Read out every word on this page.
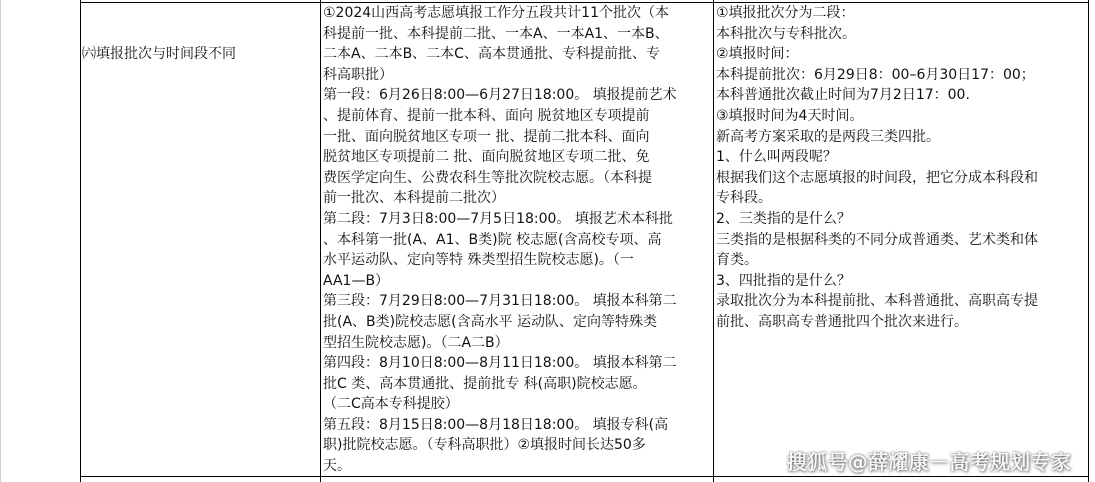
㈥填报批次与时间段不同

①2024山西高考志愿填报工作分五段共计11个批次（本
科提前一批、本科提前二批、一本A、一本A1、一本B、
二本A、二本B、二本C、高本贯通批、专科提前批、专
科高职批）
第一段：6月26日8:00—6月27日18:00。 填报提前艺术
、提前体育、提前一批本科、面向 脱贫地区专项提前
一批、面向脱贫地区专项一 批、提前二批本科、面向
脱贫地区专项提前二 批、面向脱贫地区专项二批、免
费医学定向生、公费农科生等批次院校志愿。（本科提
前一批次、本科提前二批次）
第二段：7月3日8:00—7月5日18:00。 填报艺术本科批
、本科第一批(A、A1、B类)院 校志愿(含高校专项、高
水平运动队、定向等特 殊类型招生院校志愿)。（一
AA1—B）
第三段：7月29日8:00—7月31日18:00。 填报本科第二
批(A、B类)院校志愿(含高水平 运动队、定向等特殊类
型招生院校志愿)。（二A二B）
第四段：8月10日8:00—8月11日18:00。 填报本科第二
批C 类、高本贯通批、提前批专 科(高职)院校志愿。
（二C高本专科提胶）
第五段：8月15日8:00—8月18日18:00。 填报专科(高
职)批院校志愿。（专科高职批）②填报时间长达50多
天。
①填报批次分为二段：
本科批次与专科批次。
②填报时间：
本科提前批次：6月29日8：00–6月30日17：00；
本科普通批次截止时间为7月2日17：00.
③填报时间为4天时间。
新高考方案采取的是两段三类四批。
1、什么叫两段呢？
根据我们这个志愿填报的时间段，把它分成本科段和
专科段。
2、三类指的是什么？
三类指的是根据科类的不同分成普通类、艺术类和体
育类。
3、四批指的是什么？
录取批次分为本科提前批、本科普通批、高职高专提
前批、高职高专普通批四个批次来进行。
搜狐号@薛耀康－高考规划专家
